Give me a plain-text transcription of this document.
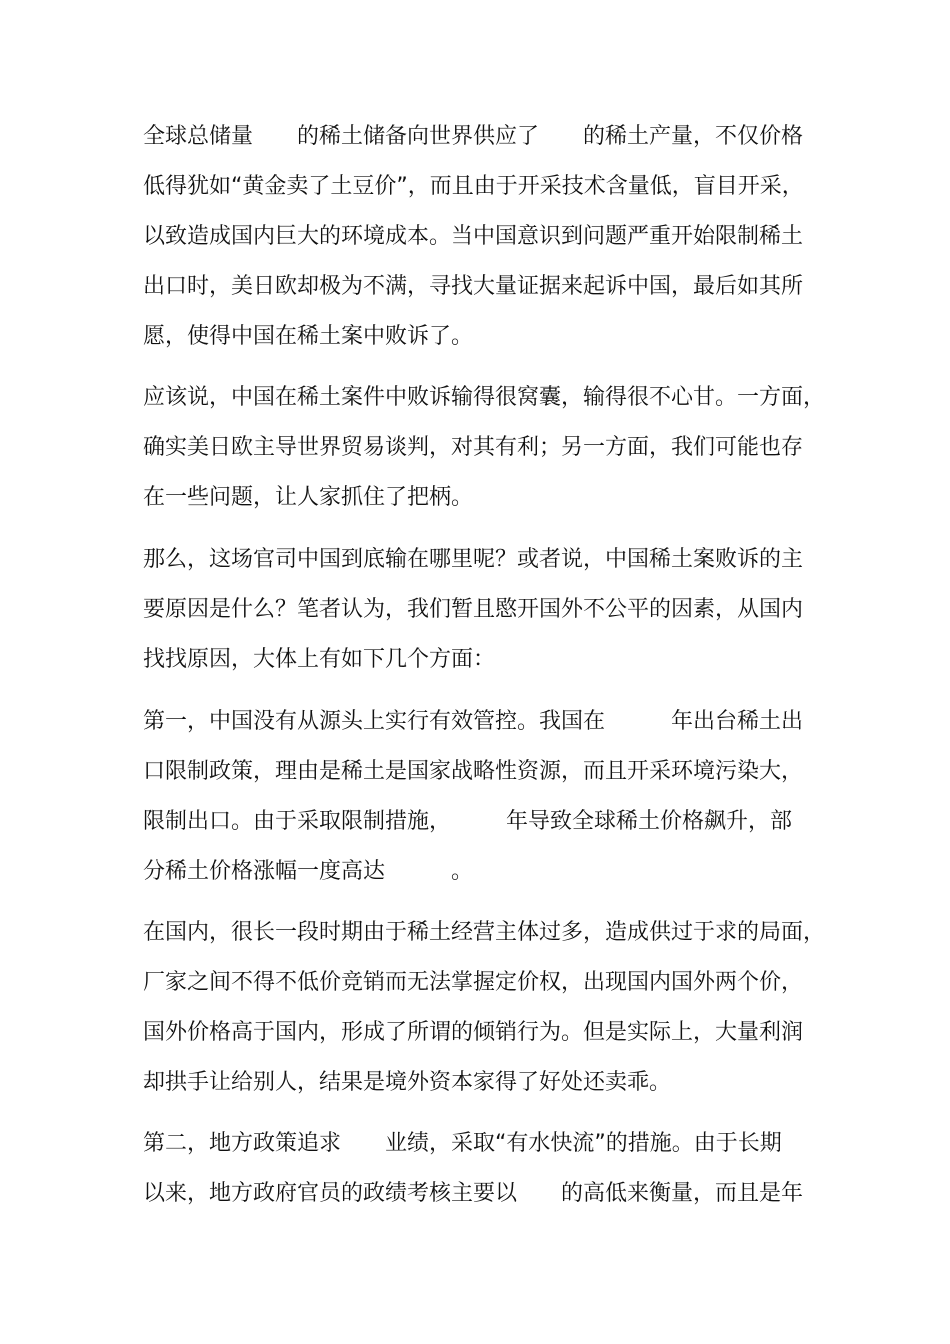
全球总储量　　的稀土储备向世界供应了　　的稀土产量，不仅价格
低得犹如“黄金卖了土豆价”，而且由于开采技术含量低，盲目开采，
以致造成国内巨大的环境成本。当中国意识到问题严重开始限制稀土
出口时，美日欧却极为不满，寻找大量证据来起诉中国，最后如其所
愿，使得中国在稀土案中败诉了。
应该说，中国在稀土案件中败诉输得很窝囊，输得很不心甘。一方面，
确实美日欧主导世界贸易谈判，对其有利；另一方面，我们可能也存
在一些问题，让人家抓住了把柄。
那么，这场官司中国到底输在哪里呢？或者说，中国稀土案败诉的主
要原因是什么？笔者认为，我们暂且愍开国外不公平的因素，从国内
找找原因，大体上有如下几个方面：
第一，中国没有从源头上实行有效管控。我国在　　　年出台稀土出
口限制政策，理由是稀土是国家战略性资源，而且开采环境污染大，
限制出口。由于采取限制措施，　　　年导致全球稀土价格飙升，部
分稀土价格涨幅一度高达　　　。
在国内，很长一段时期由于稀土经营主体过多，造成供过于求的局面，
厂家之间不得不低价竞销而无法掌握定价权，出现国内国外两个价，
国外价格高于国内，形成了所谓的倾销行为。但是实际上，大量利润
却拱手让给别人，结果是境外资本家得了好处还卖乖。
第二，地方政策追求　　业绩，采取“有水快流”的措施。由于长期
以来，地方政府官员的政绩考核主要以　　的高低来衡量，而且是年
